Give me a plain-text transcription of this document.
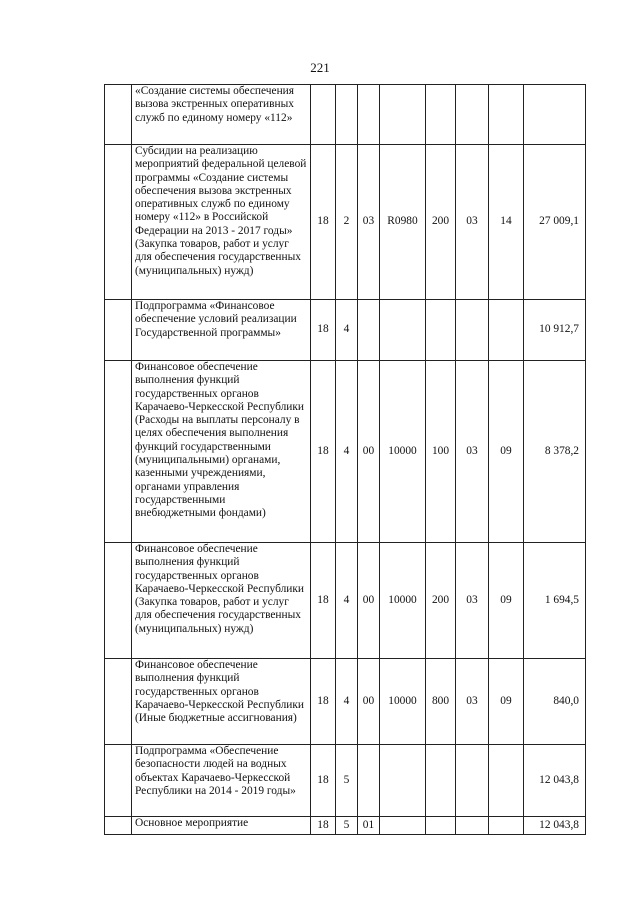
221
	«Создание системы обеспечения вызова экстренных оперативных служб по единому номеру «112»								
	Субсидии на реализацию мероприятий федеральной целевой программы «Создание системы обеспечения вызова экстренных оперативных служб по единому номеру «112» в Российской Федерации на 2013 - 2017 годы» (Закупка товаров, работ и услуг для обеспечения государственных (муниципальных) нужд)	18	2	03	R0980	200	03	14	27 009,1
	Подпрограмма «Финансовое обеспечение условий реализации Государственной программы»	18	4						10 912,7
	Финансовое обеспечение выполнения функций государственных органов Карачаево-Черкесской Республики (Расходы на выплаты персоналу в целях обеспечения выполнения функций государственными (муниципальными) органами, казенными учреждениями, органами управления государственными внебюджетными фондами)	18	4	00	10000	100	03	09	8 378,2
	Финансовое обеспечение выполнения функций государственных органов Карачаево-Черкесской Республики (Закупка товаров, работ и услуг для обеспечения государственных (муниципальных) нужд)	18	4	00	10000	200	03	09	1 694,5
	Финансовое обеспечение выполнения функций государственных органов Карачаево-Черкесской Республики (Иные бюджетные ассигнования)	18	4	00	10000	800	03	09	840,0
	Подпрограмма «Обеспечение безопасности людей на водных объектах Карачаево-Черкесской Республики на 2014 - 2019 годы»	18	5						12 043,8
	Основное мероприятие	18	5	01					12 043,8
